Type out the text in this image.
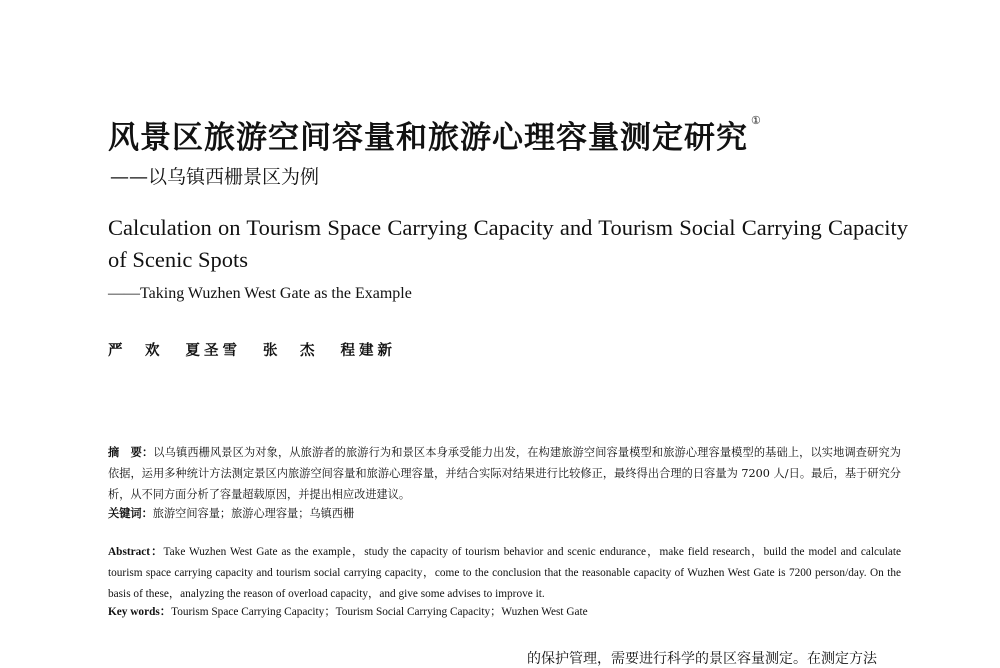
风景区旅游空间容量和旅游心理容量测定研究 ①
——以乌镇西栅景区为例
Calculation on Tourism Space Carrying Capacity and Tourism Social Carrying Capacity of Scenic Spots
——Taking Wuzhen West Gate as the Example
严　欢 夏圣雪 张　杰 程建新
摘　要：以乌镇西栅风景区为对象，从旅游者的旅游行为和景区本身承受能力出发，在构建旅游空间容量模型和旅游心理容量模型的基础上，以实地调查研究为依据，运用多种统计方法测定景区内旅游空间容量和旅游心理容量，并结合实际对结果进行比较修正，最终得出合理的日容量为 7200 人/日。最后，基于研究分析，从不同方面分析了容量超载原因，并提出相应改进建议。
关键词：旅游空间容量；旅游心理容量；乌镇西栅
Abstract：Take Wuzhen West Gate as the example，study the capacity of tourism behavior and scenic endurance，make field research，build the model and calculate tourism space carrying capacity and tourism social carrying capacity，come to the conclusion that the reasonable capacity of Wuzhen West Gate is 7200 person/day. On the basis of these，analyzing the reason of overload capacity，and give some advises to improve it.
Key words：Tourism Space Carrying Capacity；Tourism Social Carrying Capacity；Wuzhen West Gate
的保护管理，需要进行科学的景区容量测定。在测定方法
